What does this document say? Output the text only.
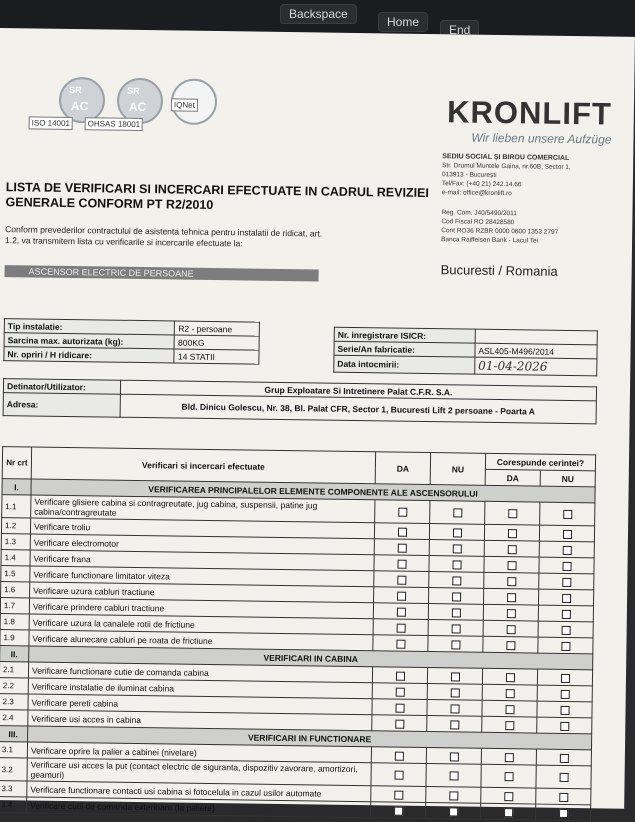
Backspace
Home
End
SR
AC
SR
AC
ISO 14001	OHSAS 18001
IQNet	KRONLIFT
Wir lieben unsere Aufzüge
SEDIU SOCIAL ȘI BIROU COMERCIAL
Str. Drumul Muntele Gaina, nr.60B, Sector 1,
013913 - București
Tel/Fax: (+40 21) 242.14.66
e-mail: office@kronlift.ro

Reg. Com. J40/5490/2011
Cod Fiscal RO 28428580
Cont RO36 RZBR 0000 0600 1353 2797
Banca Raiffeisen Bank - Lacul Tei
Bucuresti / Romania
LISTA DE VERIFICARI SI INCERCARI EFECTUATE IN CADRUL REVIZIEI GENERALE CONFORM PT R2/2010
Conform prevederilor contractului de asistenta tehnica pentru instalatii de ridicat, art. 1.2, va transmitem lista cu verificarile si incercarile efectuate la:
ASCENSOR ELECTRIC DE PERSOANE
Tip instalatie:	R2 - persoane
Sarcina max. autorizata (kg):	800KG
Nr. opriri / H ridicare:	14 STATII
Nr. inregistrare ISICR:	
Serie/An fabricatie:	ASL405-M496/2014
Data intocmirii:	01-04-2026
Detinator/Utilizator:	Grup Exploatare Si Intretinere Palat C.F.R. S.A.
Adresa:	Bld. Dinicu Golescu, Nr. 38, Bl. Palat CFR, Sector 1, Bucuresti Lift 2 persoane - Poarta A
Nr crt	Verificari si incercari efectuate	DA	NU	Corespunde cerintei?	
				DA	NU
I.	VERIFICAREA PRINCIPALELOR ELEMENTE COMPONENTE ALE ASCENSORULUI				
1.1	Verificare glisiere cabina si contragreutate, jug cabina, suspensii, patine jug cabina/contragreutate				
1.2	Verificare troliu				
1.3	Verificare electromotor				
1.4	Verificare frana				
1.5	Verificare functionare limitator viteza				
1.6	Verificare uzura cabluri tractiune				
1.7	Verificare prindere cabluri tractiune				
1.8	Verificare uzura la canalele rotii de frictiune				
1.9	Verificare alunecare cabluri pe roata de frictiune				
II.	VERIFICARI IN CABINA				
2.1	Verificare functionare cutie de comanda cabina				
2.2	Verificare instalatie de iluminat cabina				
2.3	Verificare pereti cabina				
2.4	Verificare usi acces in cabina				
III.	VERIFICARI IN FUNCTIONARE				
3.1	Verificare oprire la palier a cabinei (nivelare)				
3.2	Verificare usi acces la put (contact electric de siguranta, dispozitiv zavorare, amortizori, geamuri)				
3.3	Verificare functionare contacti usi cabina si fotocelula in cazul usilor automate				
3.4	Verificare cutii de comanda exterioare (la paliere)				
